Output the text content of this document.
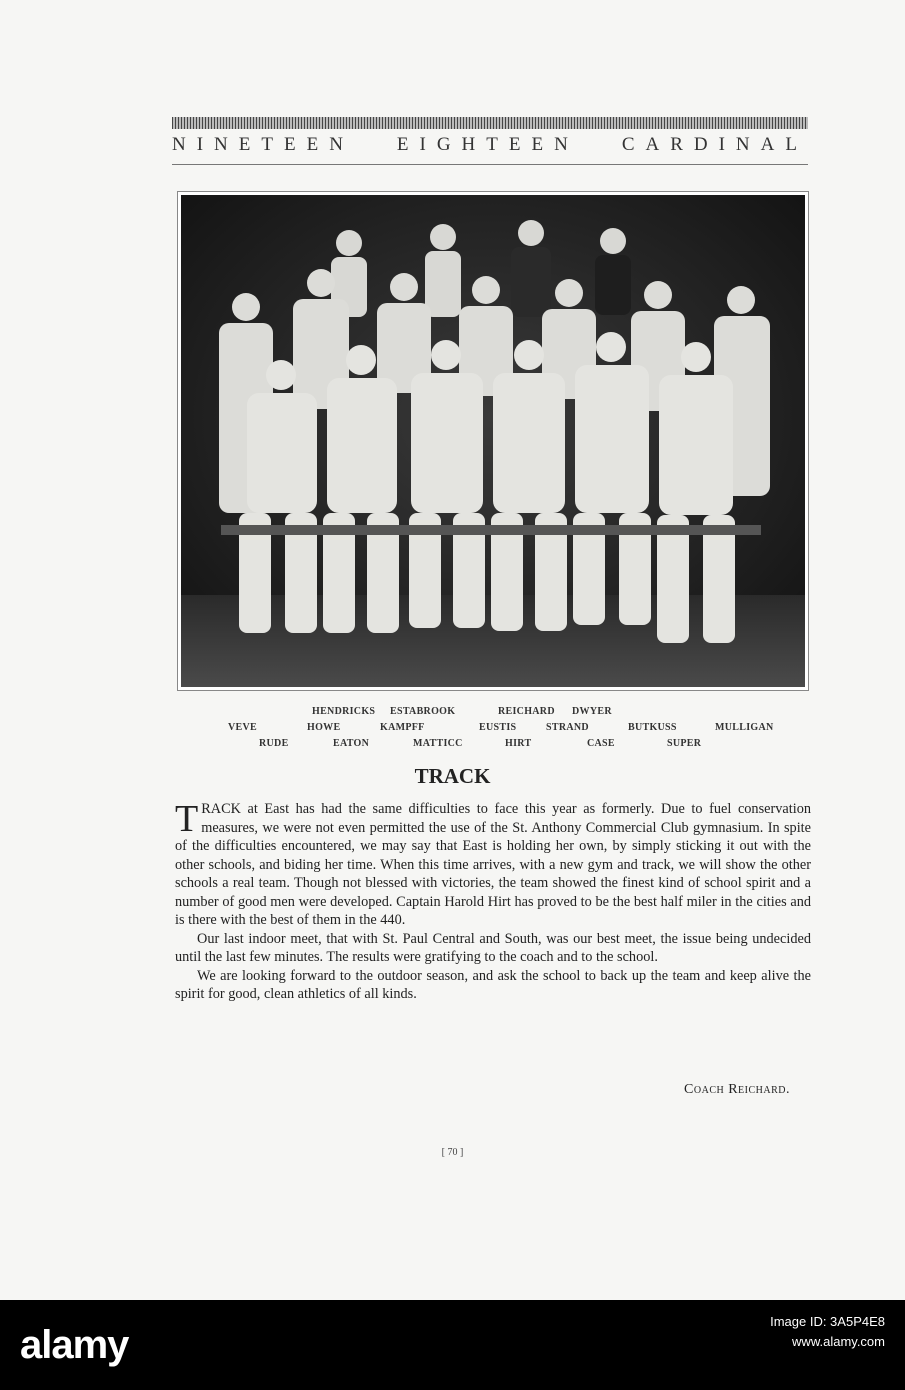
NINETEEN EIGHTEEN CARDINAL
HENDRICKS ESTABROOK	REICHARD DWYER
VEVE	HOWE	KAMPFF	EUSTIS	STRAND	BUTKUSS	MULLIGAN
RUDE	EATON	MATTICC	HIRT	CASE	SUPER
TRACK

TRACK at East has had the same difficulties to face this year as formerly. Due to fuel conservation measures, we were not even permitted the use of the St. Anthony Commercial Club gymnasium. In spite of the difficulties encountered, we may say that East is holding her own, by simply sticking it out with the other schools, and biding her time. When this time arrives, with a new gym and track, we will show the other schools a real team. Though not blessed with victories, the team showed the finest kind of school spirit and a number of good men were developed. Captain Harold Hirt has proved to be the best half miler in the cities and is there with the best of them in the 440.

Our last indoor meet, that with St. Paul Central and South, was our best meet, the issue being undecided until the last few minutes. The results were gratifying to the coach and to the school.

We are looking forward to the outdoor season, and ask the school to back up the team and keep alive the spirit for good, clean athletics of all kinds.

Coach Reichard.
[ 70 ]
alamy
Image ID: 3A5P4E8
www.alamy.com
